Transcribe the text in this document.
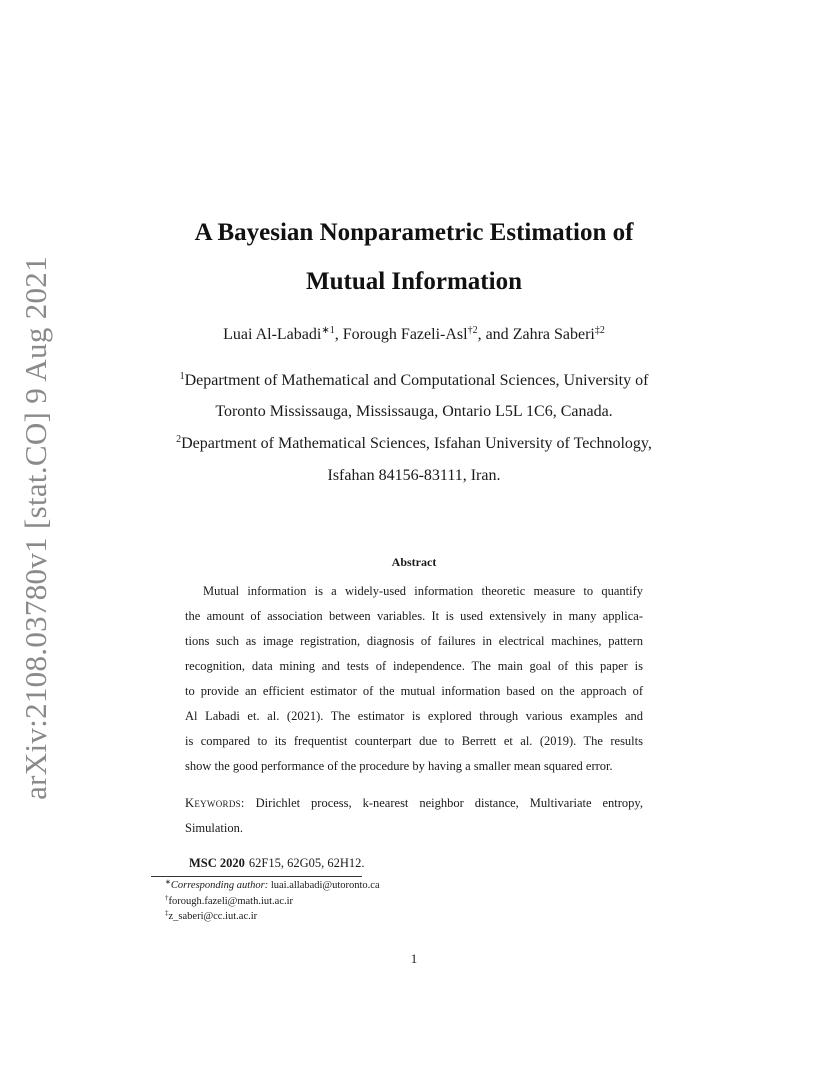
arXiv:2108.03780v1 [stat.CO] 9 Aug 2021
A Bayesian Nonparametric Estimation of
Mutual Information
Luai Al-Labadi$^{∗1}$, Forough Fazeli-Asl$^{\dagger 2}$, and Zahra Saberi$^{\ddagger 2}$
$^1$Department of Mathematical and Computational Sciences, University of
Toronto Mississauga, Mississauga, Ontario L5L 1C6, Canada.
$^2$Department of Mathematical Sciences, Isfahan University of Technology,
Isfahan 84156-83111, Iran.
Abstract
Mutual information is a widely-used information theoretic measure to quantify
the amount of association between variables. It is used extensively in many applica-
tions such as image registration, diagnosis of failures in electrical machines, pattern
recognition, data mining and tests of independence. The main goal of this paper is
to provide an efficient estimator of the mutual information based on the approach of
Al Labadi et. al. (2021). The estimator is explored through various examples and
is compared to its frequentist counterpart due to Berrett et al. (2019). The results
show the good performance of the procedure by having a smaller mean squared error.
Keywords: Dirichlet process, k-nearest neighbor distance, Multivariate entropy,
Simulation.
MSC 2020 62F15, 62G05, 62H12.
∗Corresponding author: luai.allabadi@utoronto.ca
†forough.fazeli@math.iut.ac.ir
‡z_saberi@cc.iut.ac.ir
1
